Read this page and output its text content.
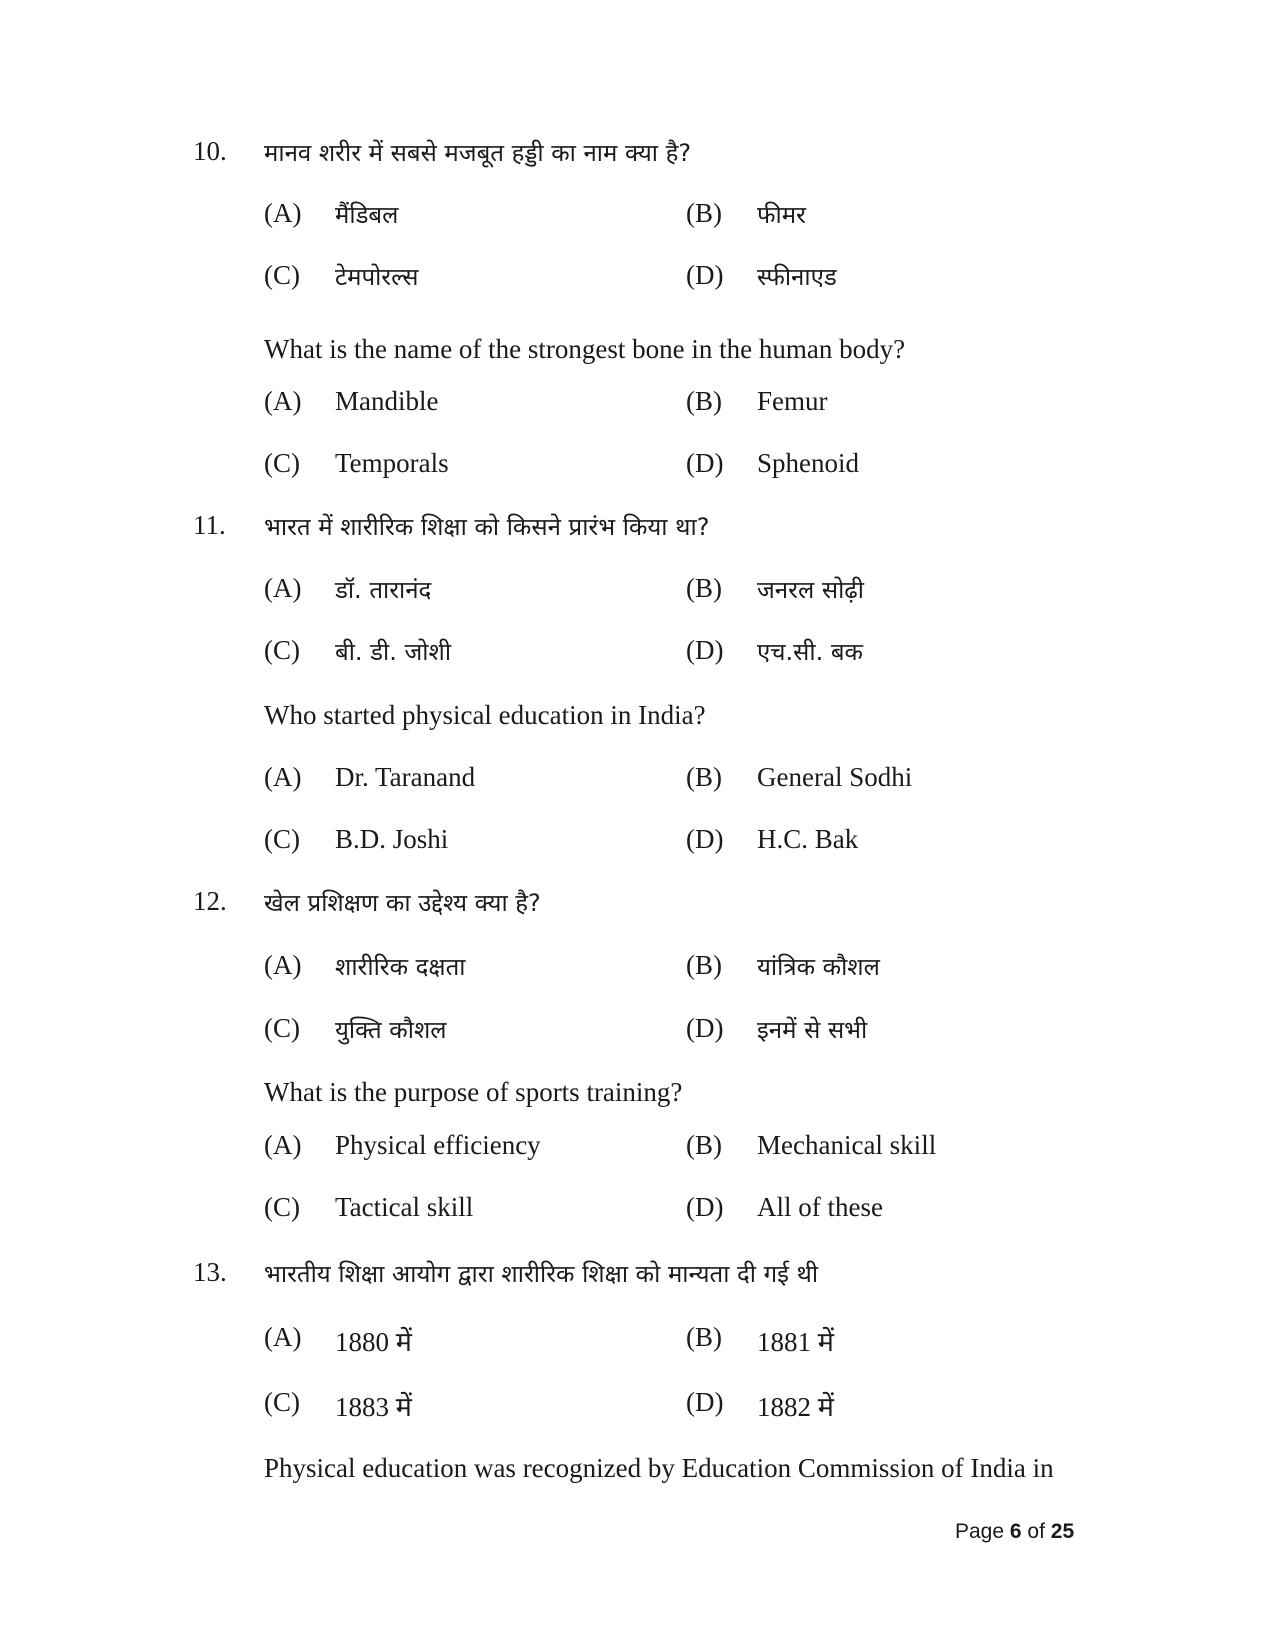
10. मानव शरीर में सबसे मजबूत हड्डी का नाम क्या है?
(A) मैंडिबल	(B) फीमर
(C) टेमपोरल्स	(D) स्फीनाएड
What is the name of the strongest bone in the human body?
(A) Mandible	(B) Femur
(C) Temporals	(D) Sphenoid
11. भारत में शारीरिक शिक्षा को किसने प्रारंभ किया था?
(A) डॉ. तारानंद	(B) जनरल सोढ़ी
(C) बी. डी. जोशी	(D) एच.सी. बक
Who started physical education in India?
(A) Dr. Taranand	(B) General Sodhi
(C) B.D. Joshi	(D) H.C. Bak
12. खेल प्रशिक्षण का उद्देश्य क्या है?
(A) शारीरिक दक्षता	(B) यांत्रिक कौशल
(C) युक्ति कौशल	(D) इनमें से सभी
What is the purpose of sports training?
(A) Physical efficiency	(B) Mechanical skill
(C) Tactical skill	(D) All of these
13. भारतीय शिक्षा आयोग द्वारा शारीरिक शिक्षा को मान्यता दी गई थी
(A) 1880 में	(B) 1881 में
(C) 1883 में	(D) 1882 में
Physical education was recognized by Education Commission of India in
Page 6 of 25
